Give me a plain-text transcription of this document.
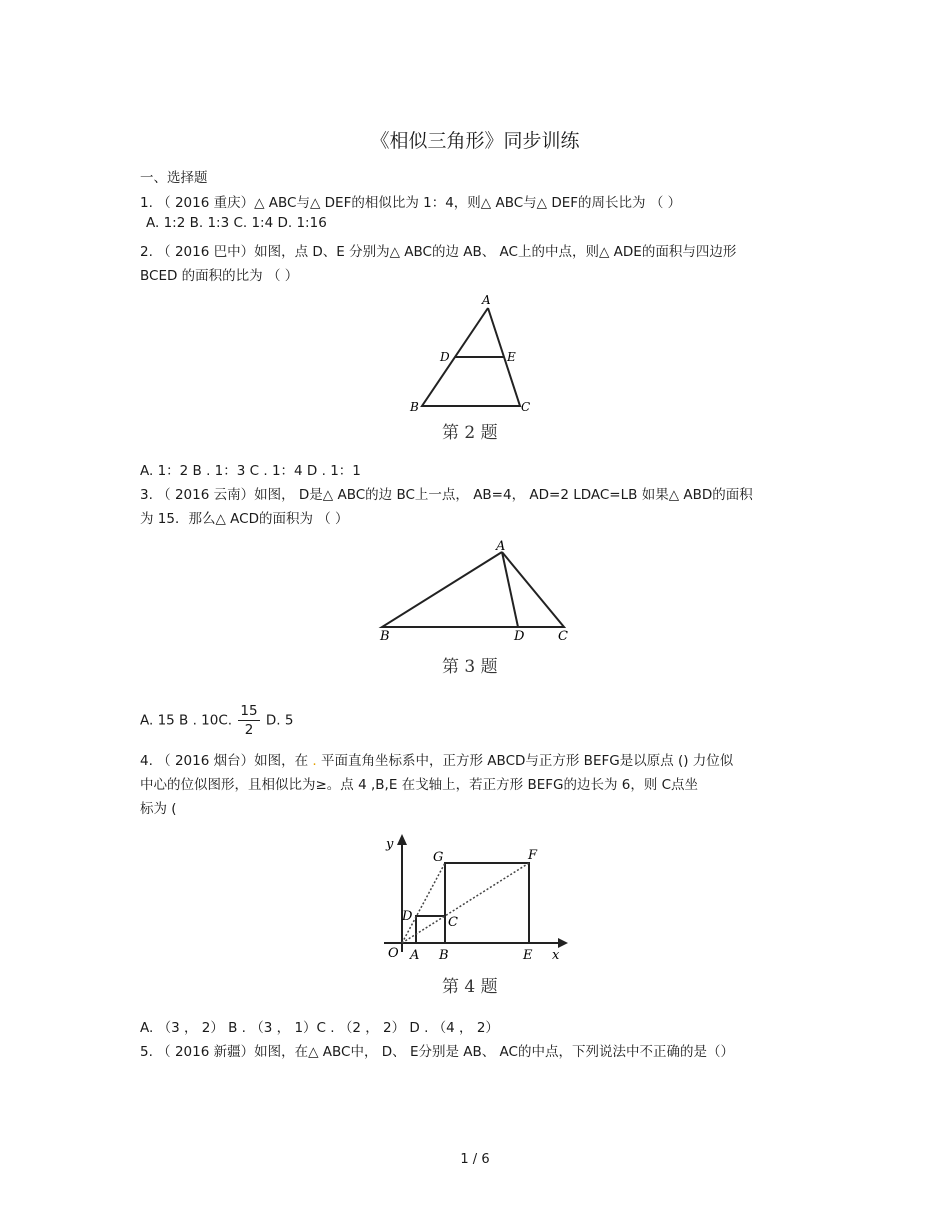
《相似三角形》同步训练
一、选择题
1. （ 2016 重庆）△ ABC与△ DEF的相似比为 1：4，则△ ABC与△ DEF的周长比为 （ ）
A. 1:2 B. 1:3 C. 1:4 D. 1:16
2. （ 2016 巴中）如图，点 D、E 分别为△ ABC的边 AB、 AC上的中点，则△ ADE的面积与四边形
BCED 的面积的比为 （ ）
A
D	E
B	C
第 2 题
A. 1：2 B . 1：3 C . 1：4 D . 1：1
3. （ 2016 云南）如图， D是△ ABC的边 BC上一点， AB=4， AD=2 LDAC=LB 如果△ ABD的面积
为 15．那么△ ACD的面积为 （ ）
A
B	D	C
第 3 题
A. 15 B . 10C. $\frac{15}{2} D$. 5
4. （ 2016 烟台）如图，在 . 平面直角坐标系中，正方形 ABCD与正方形 BEFG是以原点 () 力位似
中心的位似图形，且相似比为≥。点 4 ,B,E 在戈轴上，若正方形 BEFG的边长为 6，则 C点坐
标为 (
y
G	F
D	C
O A B	E x
第 4 题
A. （3 ， 2） B . （3 ， 1）C . （2 ， 2） D . （4 ， 2）
5. （ 2016 新疆）如图，在△ ABC中， D、 E分别是 AB、 AC的中点，下列说法中不正确的是（）
1 / 6
